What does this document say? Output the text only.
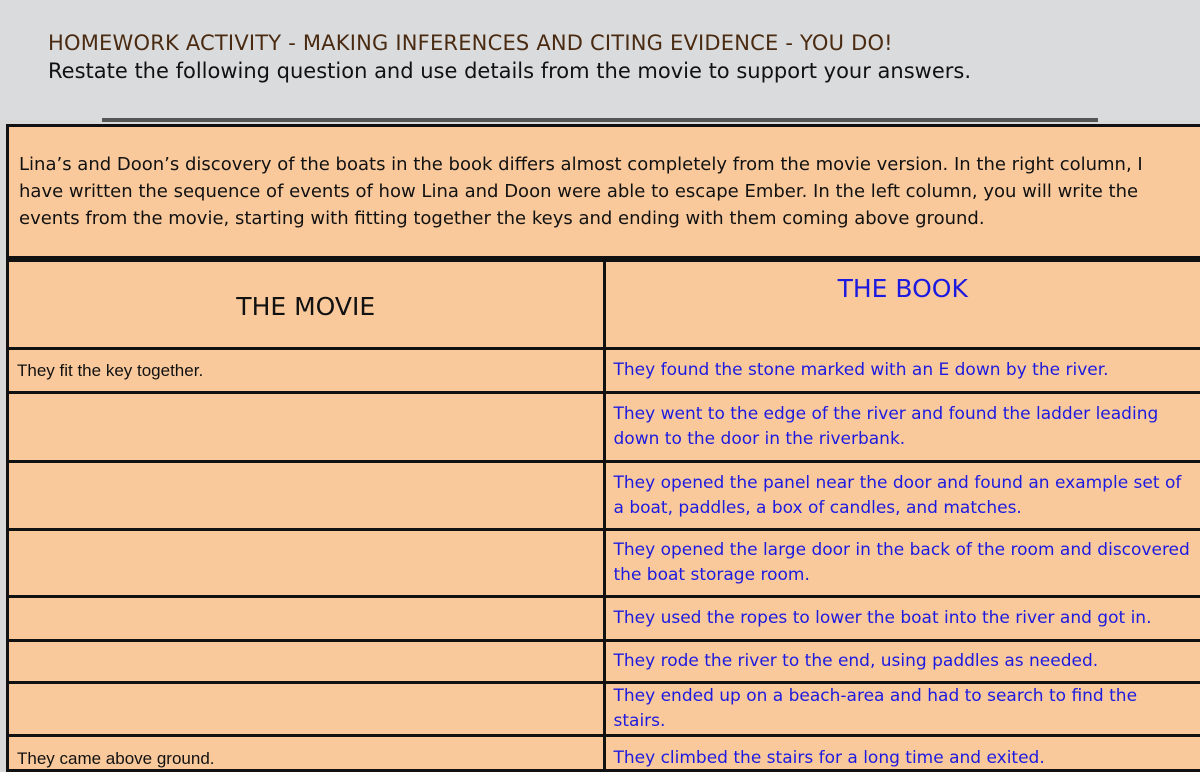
HOMEWORK ACTIVITY - MAKING INFERENCES AND CITING EVIDENCE - YOU DO!
Restate the following question and use details from the movie to support your answers.
Lina’s and Doon’s discovery of the boats in the book differs almost completely from the movie version. In the right column, I have written the sequence of events of how Lina and Doon were able to escape Ember. In the left column, you will write the events from the movie, starting with fitting together the keys and ending with them coming above ground.
THE MOVIE	THE BOOK
They fit the key together.	They found the stone marked with an E down by the river.
	They went to the edge of the river and found the ladder leading down to the door in the riverbank.
	They opened the panel near the door and found an example set of a boat, paddles, a box of candles, and matches.
	They opened the large door in the back of the room and discovered the boat storage room.
	They used the ropes to lower the boat into the river and got in.
	They rode the river to the end, using paddles as needed.
	They ended up on a beach-area and had to search to find the stairs.
They came above ground.	They climbed the stairs for a long time and exited.
